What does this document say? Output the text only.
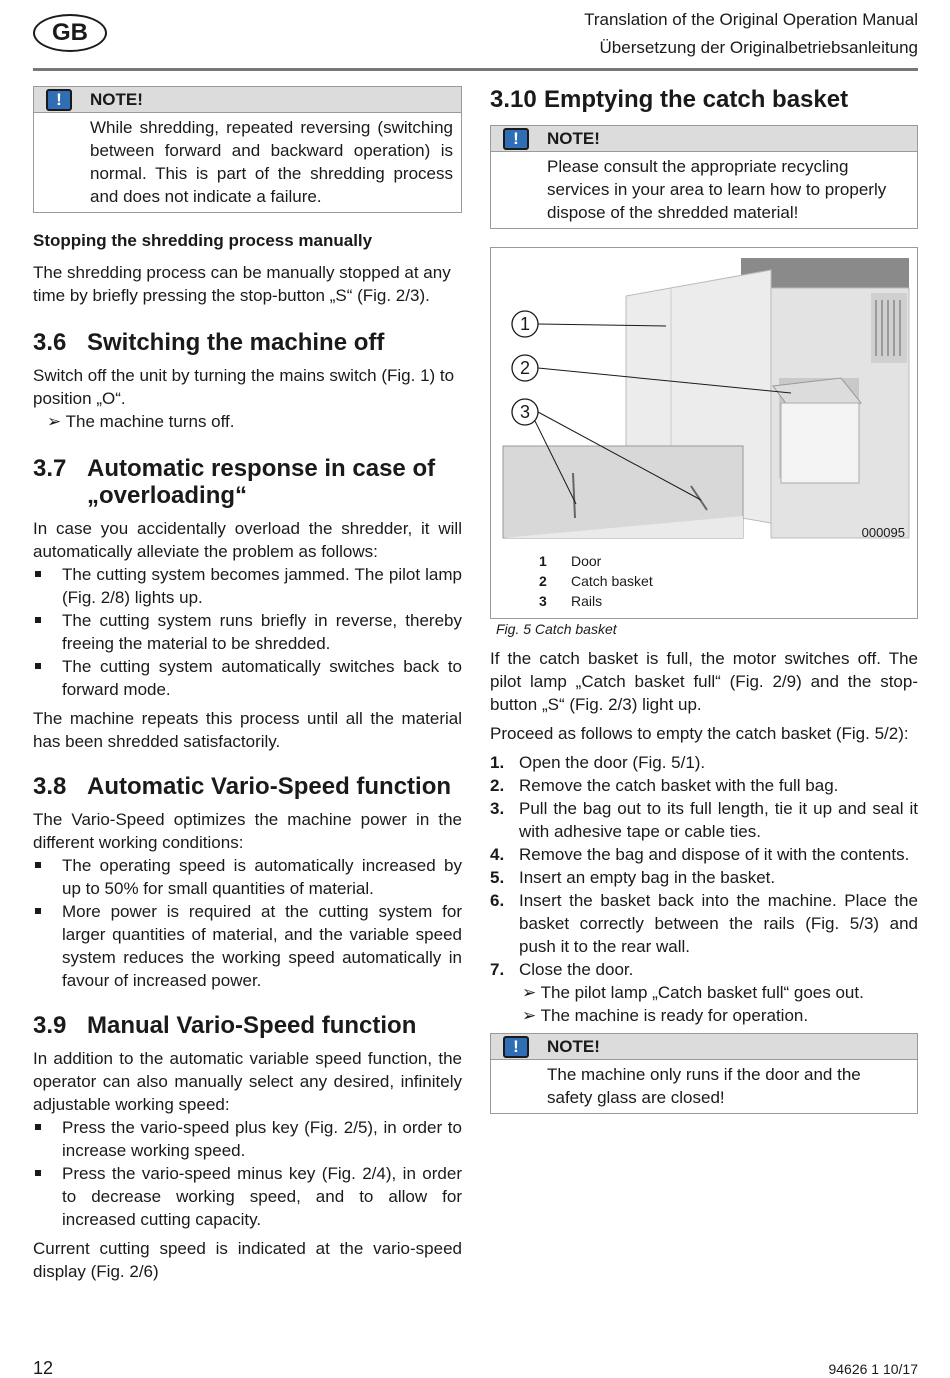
GB	Translation of the Original Operation Manual
Übersetzung der Originalbetriebsanleitung
!	NOTE!
While shredding, repeated reversing (switching between forward and backward operation) is normal. This is part of the shredding process and does not indicate a failure.
Stopping the shredding process manually

The shredding process can be manually stopped at any time by briefly pressing the stop-button „S“ (Fig. 2/3).

3.6 Switching the machine off

Switch off the unit by turning the mains switch (Fig. 1) to position „O“.

➢ The machine turns off.

3.7 Automatic response in case of „overloading“

In case you accidentally overload the shredder, it will automatically alleviate the problem as follows:

The cutting system becomes jammed. The pilot lamp (Fig. 2/8) lights up.
The cutting system runs briefly in reverse, thereby freeing the material to be shredded.
The cutting system automatically switches back to forward mode.

The machine repeats this process until all the material has been shredded satisfactorily.

3.8 Automatic Vario-Speed function

The Vario-Speed optimizes the machine power in the different working conditions:

The operating speed is automatically increased by up to 50% for small quantities of material.
More power is required at the cutting system for larger quantities of material, and the variable speed system reduces the working speed automatically in favour of increased power.
3.9 Manual Vario-Speed function

In addition to the automatic variable speed function, the operator can also manually select any desired, infinitely adjustable working speed:

Press the vario-speed plus key (Fig. 2/5), in order to increase working speed.
Press the vario-speed minus key (Fig. 2/4), in order to decrease working speed, and to allow for increased cutting capacity.

Current cutting speed is indicated at the vario-speed display (Fig. 2/6)

3.10 Emptying the catch basket
!	NOTE!
Please consult the appropriate recycling services in your area to learn how to properly dispose of the shredded material!
1
2
3
000095
1	Door
2	Catch basket
3	Rails
Fig. 5 Catch basket

If the catch basket is full, the motor switches off. The pilot lamp „Catch basket full“ (Fig. 2/9) and the stop-button „S“ (Fig. 2/3) light up.

Proceed as follows to empty the catch basket (Fig. 5/2):

1. Open the door (Fig. 5/1).
2. Remove the catch basket with the full bag.
3. Pull the bag out to its full length, tie it up and seal it with adhesive tape or cable ties.
4. Remove the bag and dispose of it with the contents.
5. Insert an empty bag in the basket.
6. Insert the basket back into the machine. Place the basket correctly between the rails (Fig. 5/3) and push it to the rear wall.
7. Close the door.
➢ The pilot lamp „Catch basket full“ goes out.
➢ The machine is ready for operation.
!	NOTE!
The machine only runs if the door and the safety glass are closed!
12	94626 1 10/17
